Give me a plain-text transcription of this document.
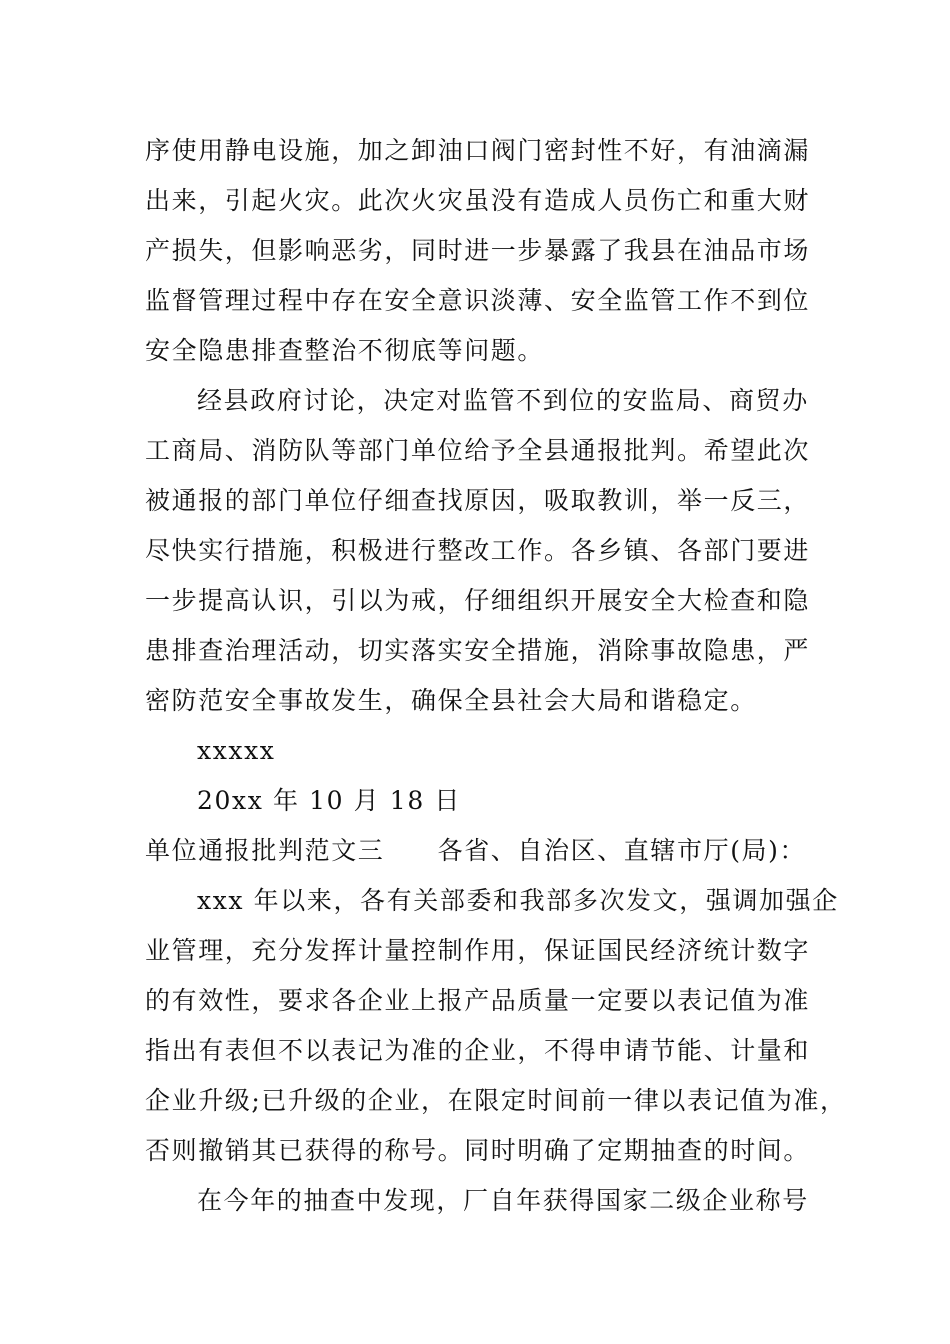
序使用静电设施，加之卸油口阀门密封性不好，有油滴漏
出来，引起火灾。此次火灾虽没有造成人员伤亡和重大财
产损失，但影响恶劣，同时进一步暴露了我县在油品市场
监督管理过程中存在安全意识淡薄、安全监管工作不到位
安全隐患排查整治不彻底等问题。
经县政府讨论，决定对监管不到位的安监局、商贸办
工商局、消防队等部门单位给予全县通报批判。希望此次
被通报的部门单位仔细查找原因，吸取教训，举一反三，
尽快实行措施，积极进行整改工作。各乡镇、各部门要进
一步提高认识，引以为戒，仔细组织开展安全大检查和隐
患排查治理活动，切实落实安全措施，消除事故隐患，严
密防范安全事故发生，确保全县社会大局和谐稳定。
xxxxx
20xx 年 10 月 18 日
单位通报批判范文三　　各省、自治区、直辖市厅(局)：
xxx 年以来，各有关部委和我部多次发文，强调加强企
业管理，充分发挥计量控制作用，保证国民经济统计数字
的有效性，要求各企业上报产品质量一定要以表记值为准
指出有表但不以表记为准的企业，不得申请节能、计量和
企业升级;已升级的企业，在限定时间前一律以表记值为准，
否则撤销其已获得的称号。同时明确了定期抽查的时间。
在今年的抽查中发现，厂自年获得国家二级企业称号
